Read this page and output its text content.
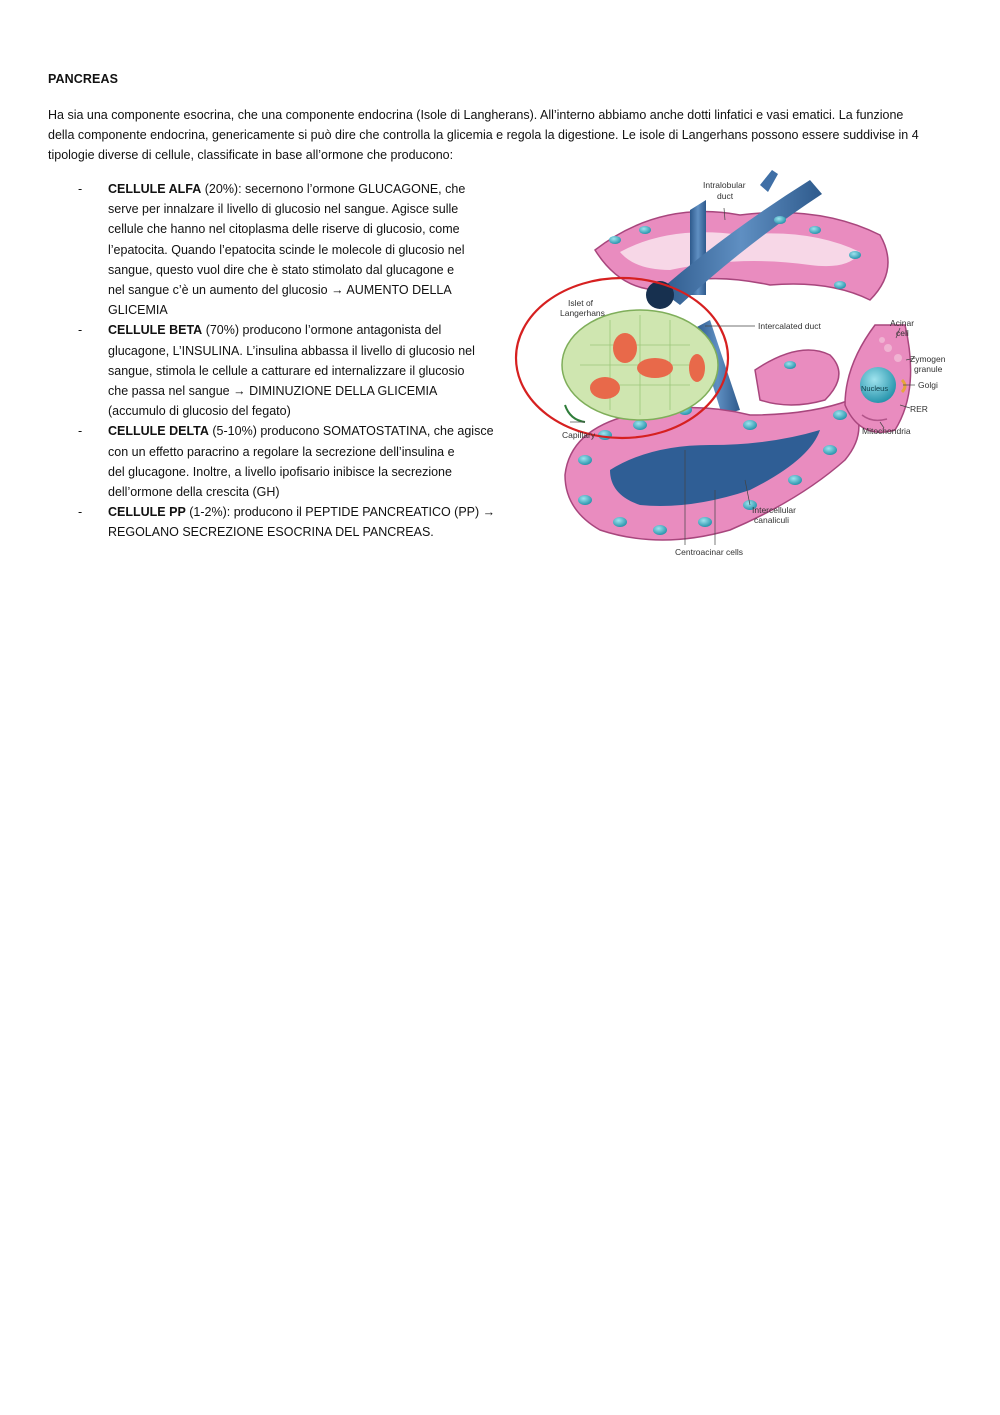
PANCREAS
Ha sia una componente esocrina, che una componente endocrina (Isole di Langherans). All’interno abbiamo anche dotti linfatici e vasi ematici. La funzione
della componente endocrina, genericamente si può dire che controlla la glicemia e regola la digestione. Le isole di Langerhans possono essere suddivise in 4
tipologie diverse di cellule, classificate in base all’ormone che producono:
- CELLULE ALFA (20%): secernono l’ormone GLUCAGONE, che
serve per innalzare il livello di glucosio nel sangue. Agisce sulle
cellule che hanno nel citoplasma delle riserve di glucosio, come
l’epatocita. Quando l’epatocita scinde le molecole di glucosio nel
sangue, questo vuol dire che è stato stimolato dal glucagone e
nel sangue c’è un aumento del glucosio → AUMENTO DELLA
GLICEMIA
- CELLULE BETA (70%) producono l’ormone antagonista del
glucagone, L’INSULINA. L’insulina abbassa il livello di glucosio nel
sangue, stimola le cellule a catturare ed internalizzare il glucosio
che passa nel sangue → DIMINUZIONE DELLA GLICEMIA
(accumulo di glucosio del fegato)
- CELLULE DELTA (5-10%) producono SOMATOSTATINA, che agisce
con un effetto paracrino a regolare la secrezione dell’insulina e
del glucagone. Inoltre, a livello ipofisario inibisce la secrezione
dell’ormone della crescita (GH)
- CELLULE PP (1-2%): producono il PEPTIDE PANCREATICO (PP) →
REGOLANO SECREZIONE ESOCRINA DEL PANCREAS.
Intralobular
duct
Islet of
Langerhans
Intercalated duct	Acinar
cell
Zymogen
granule
Golgi
Nucleus
RER
Mitochondria
Capillary
Intercellular
canaliculi
Centroacinar cells
